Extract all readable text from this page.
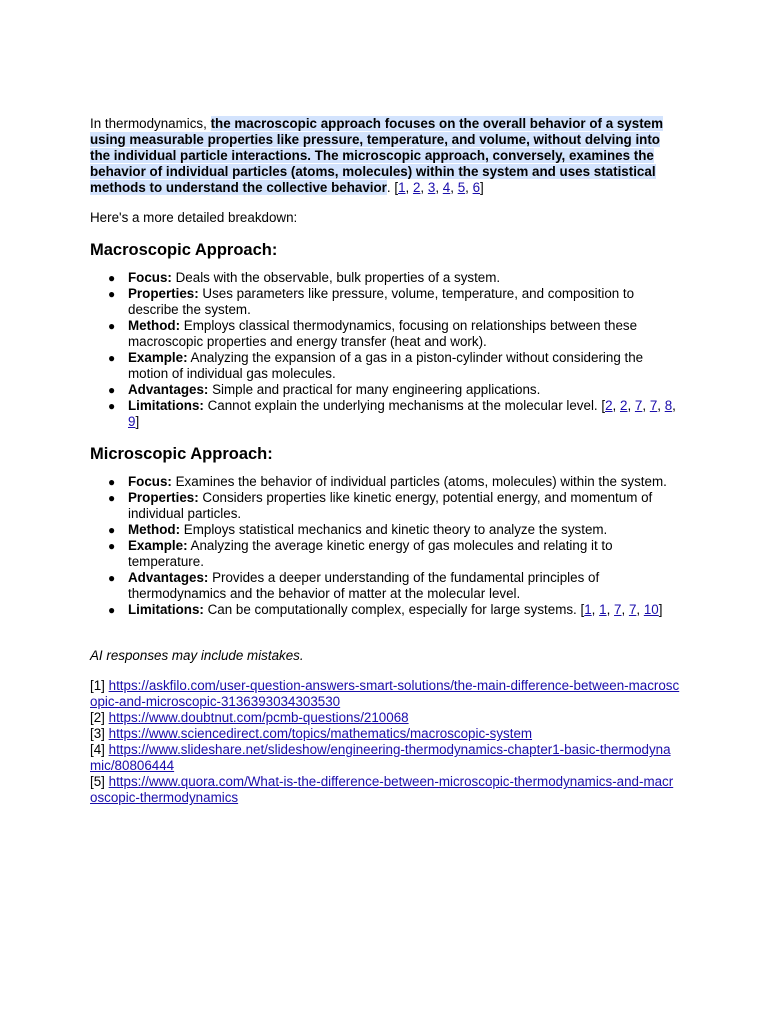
In thermodynamics, the macroscopic approach focuses on the overall behavior of a system using measurable properties like pressure, temperature, and volume, without delving into the individual particle interactions. The microscopic approach, conversely, examines the behavior of individual particles (atoms, molecules) within the system and uses statistical methods to understand the collective behavior. [1, 2, 3, 4, 5, 6]

Here's a more detailed breakdown:

Macroscopic Approach:
● Focus: Deals with the observable, bulk properties of a system.
● Properties: Uses parameters like pressure, volume, temperature, and composition to describe the system.
● Method: Employs classical thermodynamics, focusing on relationships between these macroscopic properties and energy transfer (heat and work).
● Example: Analyzing the expansion of a gas in a piston-cylinder without considering the motion of individual gas molecules.
● Advantages: Simple and practical for many engineering applications.
● Limitations: Cannot explain the underlying mechanisms at the molecular level. [2, 2, 7, 7, 8, 9]
Microscopic Approach:
● Focus: Examines the behavior of individual particles (atoms, molecules) within the system.
● Properties: Considers properties like kinetic energy, potential energy, and momentum of individual particles.
● Method: Employs statistical mechanics and kinetic theory to analyze the system.
● Example: Analyzing the average kinetic energy of gas molecules and relating it to temperature.
● Advantages: Provides a deeper understanding of the fundamental principles of thermodynamics and the behavior of matter at the molecular level.
● Limitations: Can be computationally complex, especially for large systems. [1, 1, 7, 7, 10]

AI responses may include mistakes.

[1] https://askfilo.com/user-question-answers-smart-solutions/the-main-difference-between-macroscopic-and-microscopic-3136393034303530
[2] https://www.doubtnut.com/pcmb-questions/210068
[3] https://www.sciencedirect.com/topics/mathematics/macroscopic-system
[4] https://www.slideshare.net/slideshow/engineering-thermodynamics-chapter1-basic-thermodynamic/80806444
[5] https://www.quora.com/What-is-the-difference-between-microscopic-thermodynamics-and-macroscopic-thermodynamics
